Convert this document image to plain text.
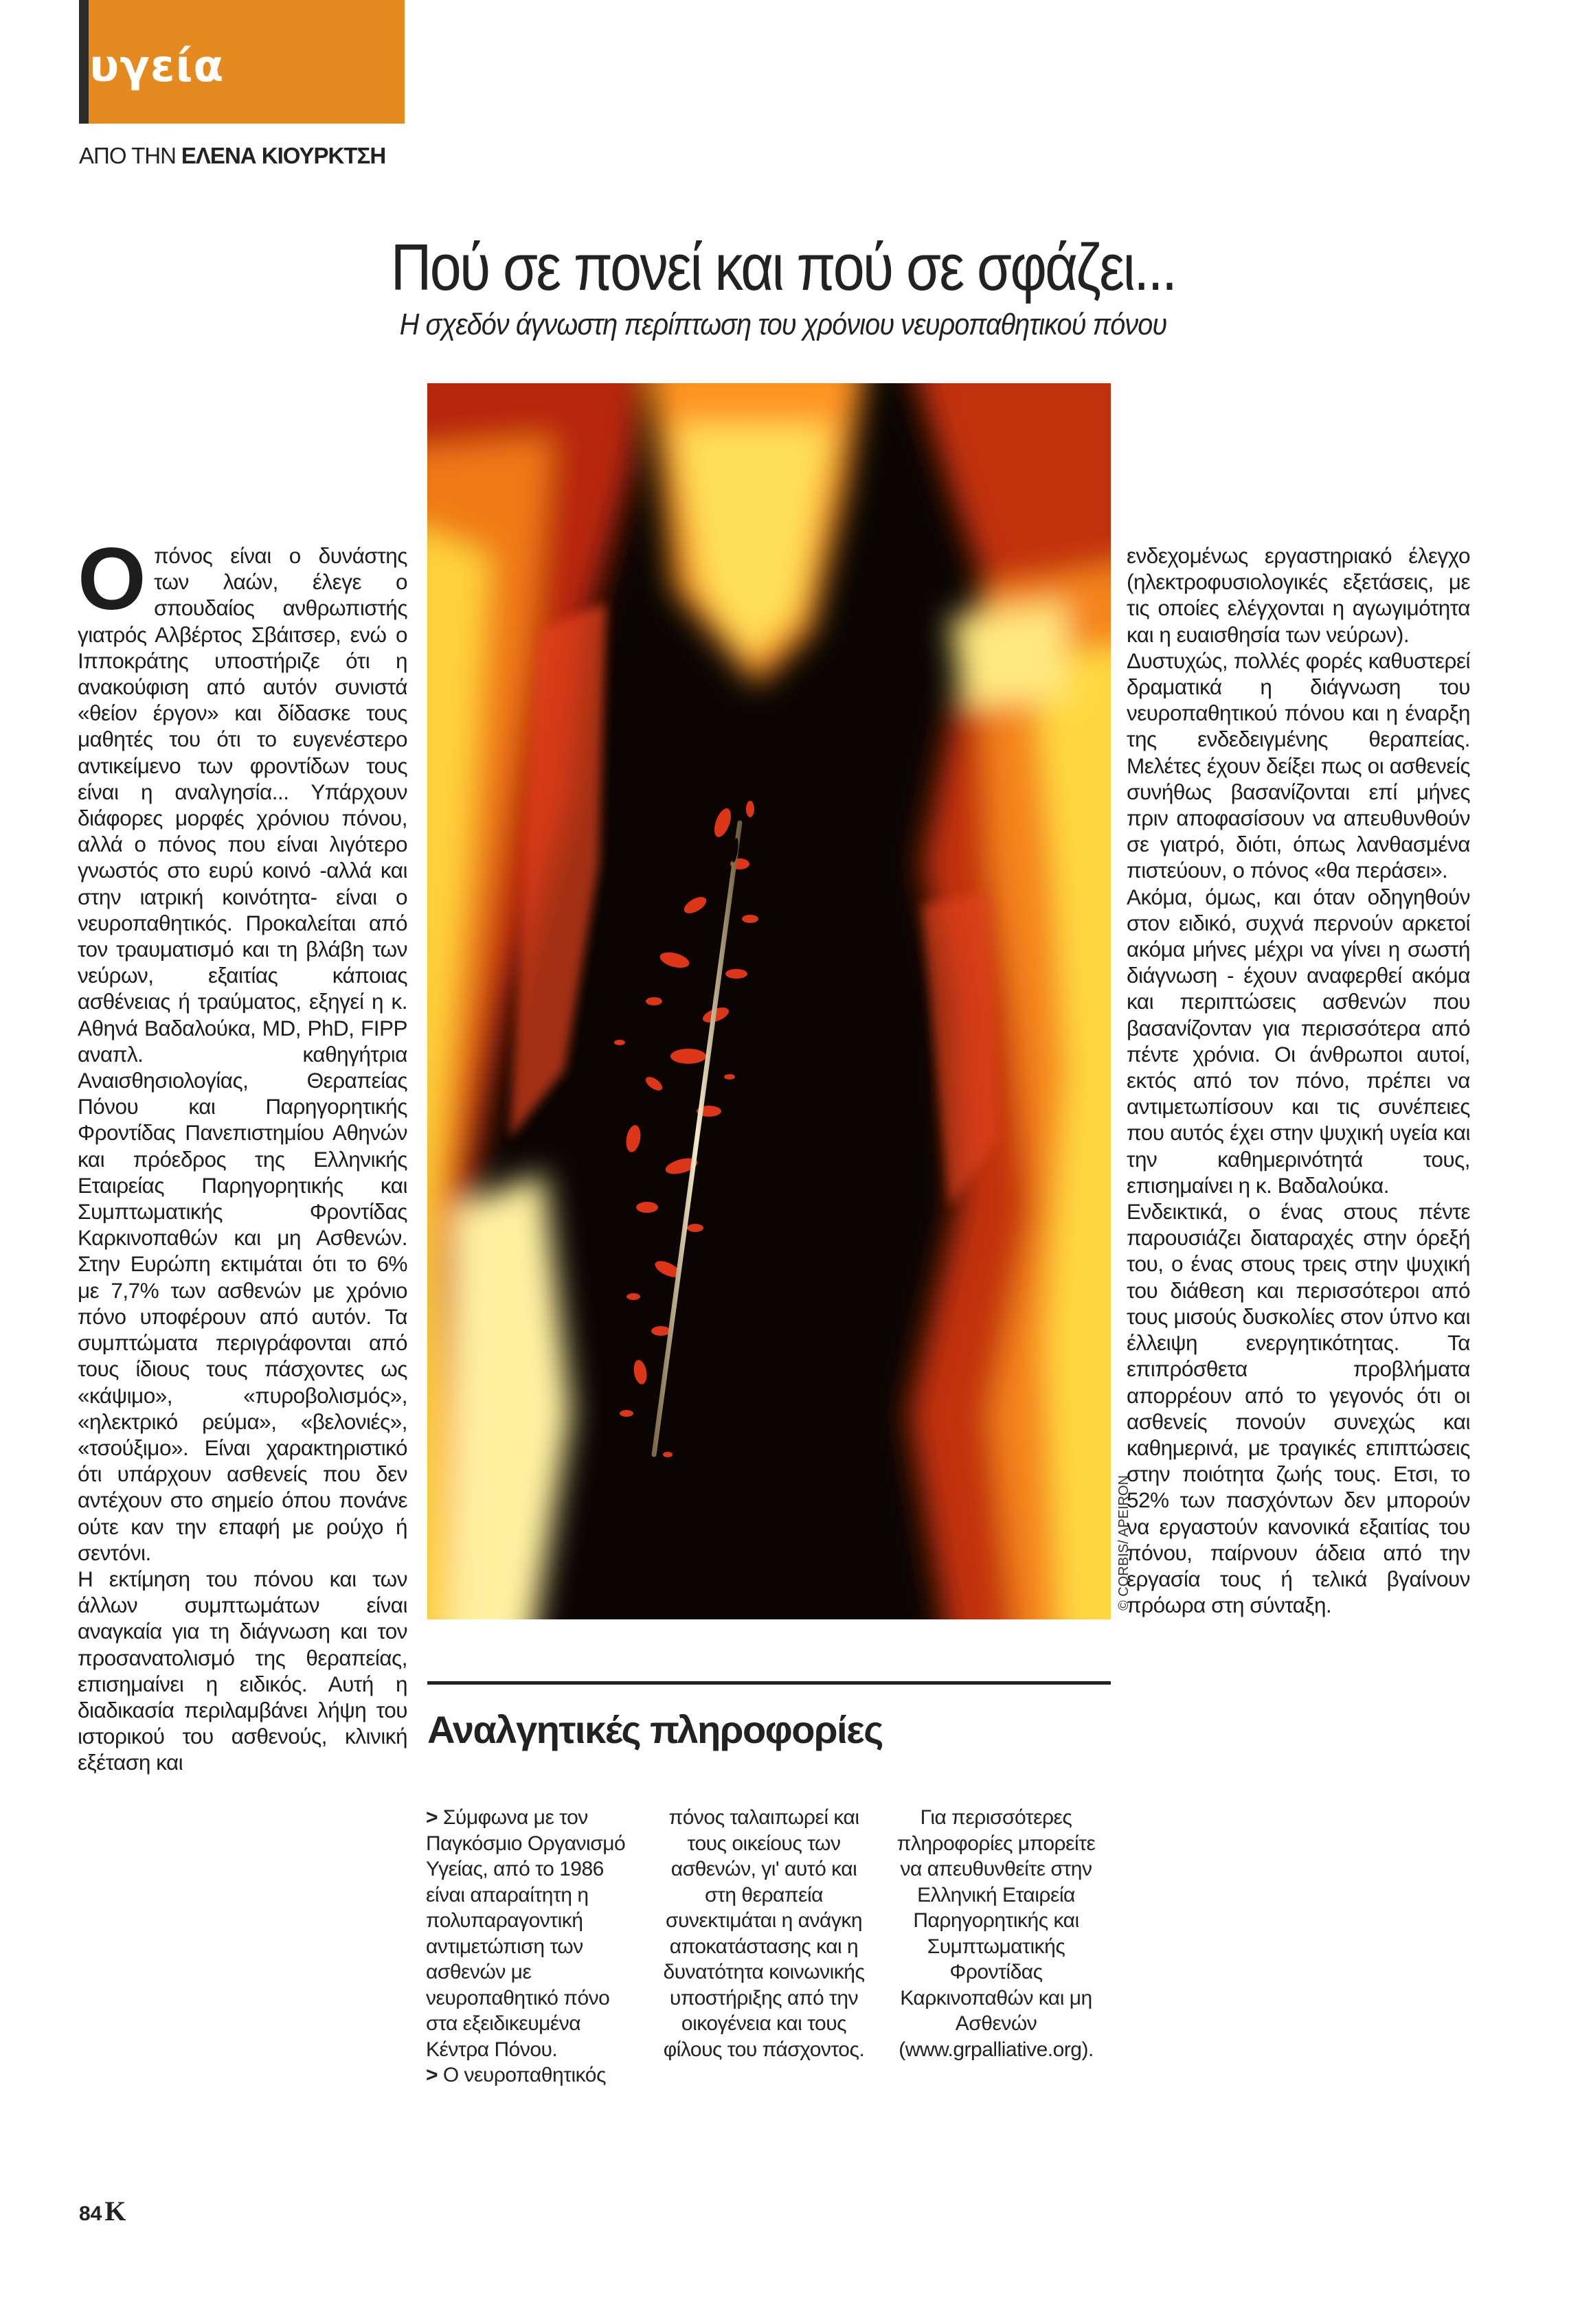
υγεία
ΑΠΟ ΤΗΝ ΕΛΕΝΑ ΚΙΟΥΡΚΤΣΗ
Πού σε πονεί και πού σε σφάζει...
Η σχεδόν άγνωστη περίπτωση του χρόνιου νευροπαθητικού πόνου
Ο πόνος είναι ο δυνάστης των λαών, έλεγε ο σπουδαίος ανθρωπιστής γιατρός Αλβέρτος Σβάιτσερ, ενώ ο Ιπποκράτης υποστήριζε ότι η ανακούφιση από αυτόν συνιστά «θείον έργον» και δίδασκε τους μαθητές του ότι το ευγενέστερο αντικείμενο των φροντίδων τους είναι η αναλγησία... Υπάρχουν διάφορες μορφές χρόνιου πόνου, αλλά ο πόνος που είναι λιγότερο γνωστός στο ευρύ κοινό -αλλά και στην ιατρική κοινότητα- είναι ο νευροπαθητικός. Προκαλείται από τον τραυματισμό και τη βλάβη των νεύρων, εξαιτίας κάποιας ασθένειας ή τραύματος, εξηγεί η κ. Αθηνά Βαδαλούκα, MD, PhD, FIPP αναπλ. καθηγήτρια Αναισθησιολογίας, Θεραπείας Πόνου και Παρηγορητικής Φροντίδας Πανεπιστημίου Αθηνών και πρόεδρος της Ελληνικής Εταιρείας Παρηγορητικής και Συμπτωματικής Φροντίδας Καρκινοπαθών και μη Ασθενών. Στην Ευρώπη εκτιμάται ότι το 6% με 7,7% των ασθενών με χρόνιο πόνο υποφέρουν από αυτόν. Τα συμπτώματα περιγράφονται από τους ίδιους τους πάσχοντες ως «κάψιμο», «πυροβολισμός», «ηλεκτρικό ρεύμα», «βελονιές», «τσούξιμο». Είναι χαρακτηριστικό ότι υπάρχουν ασθενείς που δεν αντέχουν στο σημείο όπου πονάνε ούτε καν την επαφή με ρούχο ή σεντόνι.

Η εκτίμηση του πόνου και των άλλων συμπτωμάτων είναι αναγκαία για τη διάγνωση και τον προσανατολισμό της θεραπείας, επισημαίνει η ειδικός. Αυτή η διαδικασία περιλαμβάνει λήψη του ιστορικού του ασθενούς, κλινική εξέταση και

© CORBIS/ APEIRON

ενδεχομένως εργαστηριακό έλεγχο (ηλεκτροφυσιολογικές εξετάσεις, με τις οποίες ελέγχονται η αγωγιμότητα και η ευαισθησία των νεύρων).

Δυστυχώς, πολλές φορές καθυστερεί δραματικά η διάγνωση του νευροπαθητικού πόνου και η έναρξη της ενδεδειγμένης θεραπείας. Μελέτες έχουν δείξει πως οι ασθενείς συνήθως βασανίζονται επί μήνες πριν αποφασίσουν να απευθυνθούν σε γιατρό, διότι, όπως λανθασμένα πιστεύουν, ο πόνος «θα περάσει».

Ακόμα, όμως, και όταν οδηγηθούν στον ειδικό, συχνά περνούν αρκετοί ακόμα μήνες μέχρι να γίνει η σωστή διάγνωση - έχουν αναφερθεί ακόμα και περιπτώσεις ασθενών που βασανίζονταν για περισσότερα από πέντε χρόνια. Οι άνθρωποι αυτοί, εκτός από τον πόνο, πρέπει να αντιμετωπίσουν και τις συνέπειες που αυτός έχει στην ψυχική υγεία και την καθημερινότητά τους, επισημαίνει η κ. Βαδαλούκα.

Ενδεικτικά, ο ένας στους πέντε παρουσιάζει διαταραχές στην όρεξή του, ο ένας στους τρεις στην ψυχική του διάθεση και περισσότεροι από τους μισούς δυσκολίες στον ύπνο και έλλειψη ενεργητικότητας. Τα επιπρόσθετα προβλήματα απορρέουν από το γεγονός ότι οι ασθενείς πονούν συνεχώς και καθημερινά, με τραγικές επιπτώσεις στην ποιότητα ζωής τους. Ετσι, το 52% των πασχόντων δεν μπορούν να εργαστούν κανονικά εξαιτίας του πόνου, παίρνουν άδεια από την εργασία τους ή τελικά βγαίνουν πρόωρα στη σύνταξη.

Αναλγητικές πληροφορίες

> Σύμφωνα με τον Παγκόσμιο Οργανισμό Υγείας, από το 1986 είναι απαραίτητη η πολυπαραγοντική αντιμετώπιση των ασθενών με νευροπαθητικό πόνο στα εξειδικευμένα Κέντρα Πόνου.

> Ο νευροπαθητικός

πόνος ταλαιπωρεί και τους οικείους των ασθενών, γι' αυτό και στη θεραπεία συνεκτιμάται η ανάγκη αποκατάστασης και η δυνατότητα κοινωνικής υποστήριξης από την οικογένεια και τους φίλους του πάσχοντος.

Για περισσότερες πληροφορίες μπορείτε να απευθυνθείτε στην Ελληνική Εταιρεία Παρηγορητικής και Συμπτωματικής Φροντίδας Καρκινοπαθών και μη Ασθενών (www.grpalliative.org).

84 K
